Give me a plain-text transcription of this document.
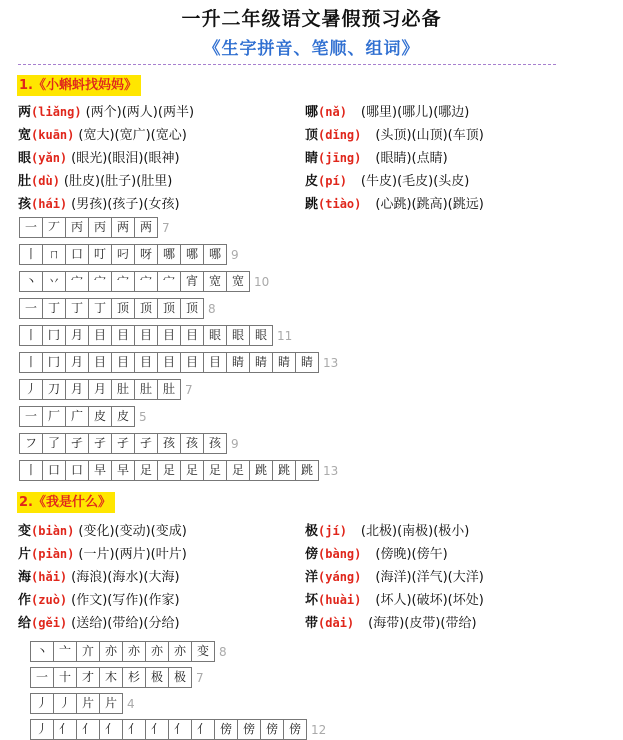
一升二年级语文暑假预习必备
《生字拼音、笔顺、组词》
1.《小蝌蚪找妈妈》
两(liǎng) (两个)(两人)(两半)	哪(nǎ) (哪里)(哪儿)(哪边)
宽(kuān) (宽大)(宽广)(宽心)	顶(dǐng) (头顶)(山顶)(车顶)
眼(yǎn) (眼光)(眼泪)(眼神)	睛(jīng) (眼睛)(点睛)
肚(dù) (肚皮)(肚子)(肚里)	皮(pí) (牛皮)(毛皮)(头皮)
孩(hái) (男孩)(孩子)(女孩)	跳(tiào) (心跳)(跳高)(跳远)
一 丆 丙 丙 两 两 7
丨 ㄇ 口 叮 叼 呀 哪 哪 哪 9
丶 丷 宀 宀 宀 宀 宀 宵 宽 宽 10
一 丁 丁 丁 顶 顶 顶 顶 8
丨 冂 月 目 目 目 目 目 眼 眼 眼 11
丨 冂 月 目 目 目 目 目 目 睛 睛 睛 睛 13
丿 刀 月 月 肚 肚 肚 7
一 厂 广 皮 皮 5
フ 了 孑 孑 孑 孑 孩 孩 孩 9
丨 口 口 早 早 足 足 足 足 足 跳 跳 跳 13
2.《我是什么》
变(biàn) (变化)(变动)(变成)	极(jí) (北极)(南极)(极小)
片(piàn) (一片)(两片)(叶片)	傍(bàng) (傍晚)(傍午)
海(hǎi) (海浪)(海水)(大海)	洋(yáng) (海洋)(洋气)(大洋)
作(zuò) (作文)(写作)(作家)	坏(huài) (坏人)(破坏)(坏处)
给(gěi) (送给)(带给)(分给)	带(dài) (海带)(皮带)(带给)
丶 亠 亣 亦 亦 亦 亦 变 8
一 十 才 木 杉 极 极 7
丿 丿 片 片 4
丿 亻 亻 亻 亻 亻 亻 亻 傍 傍 傍 傍 12
